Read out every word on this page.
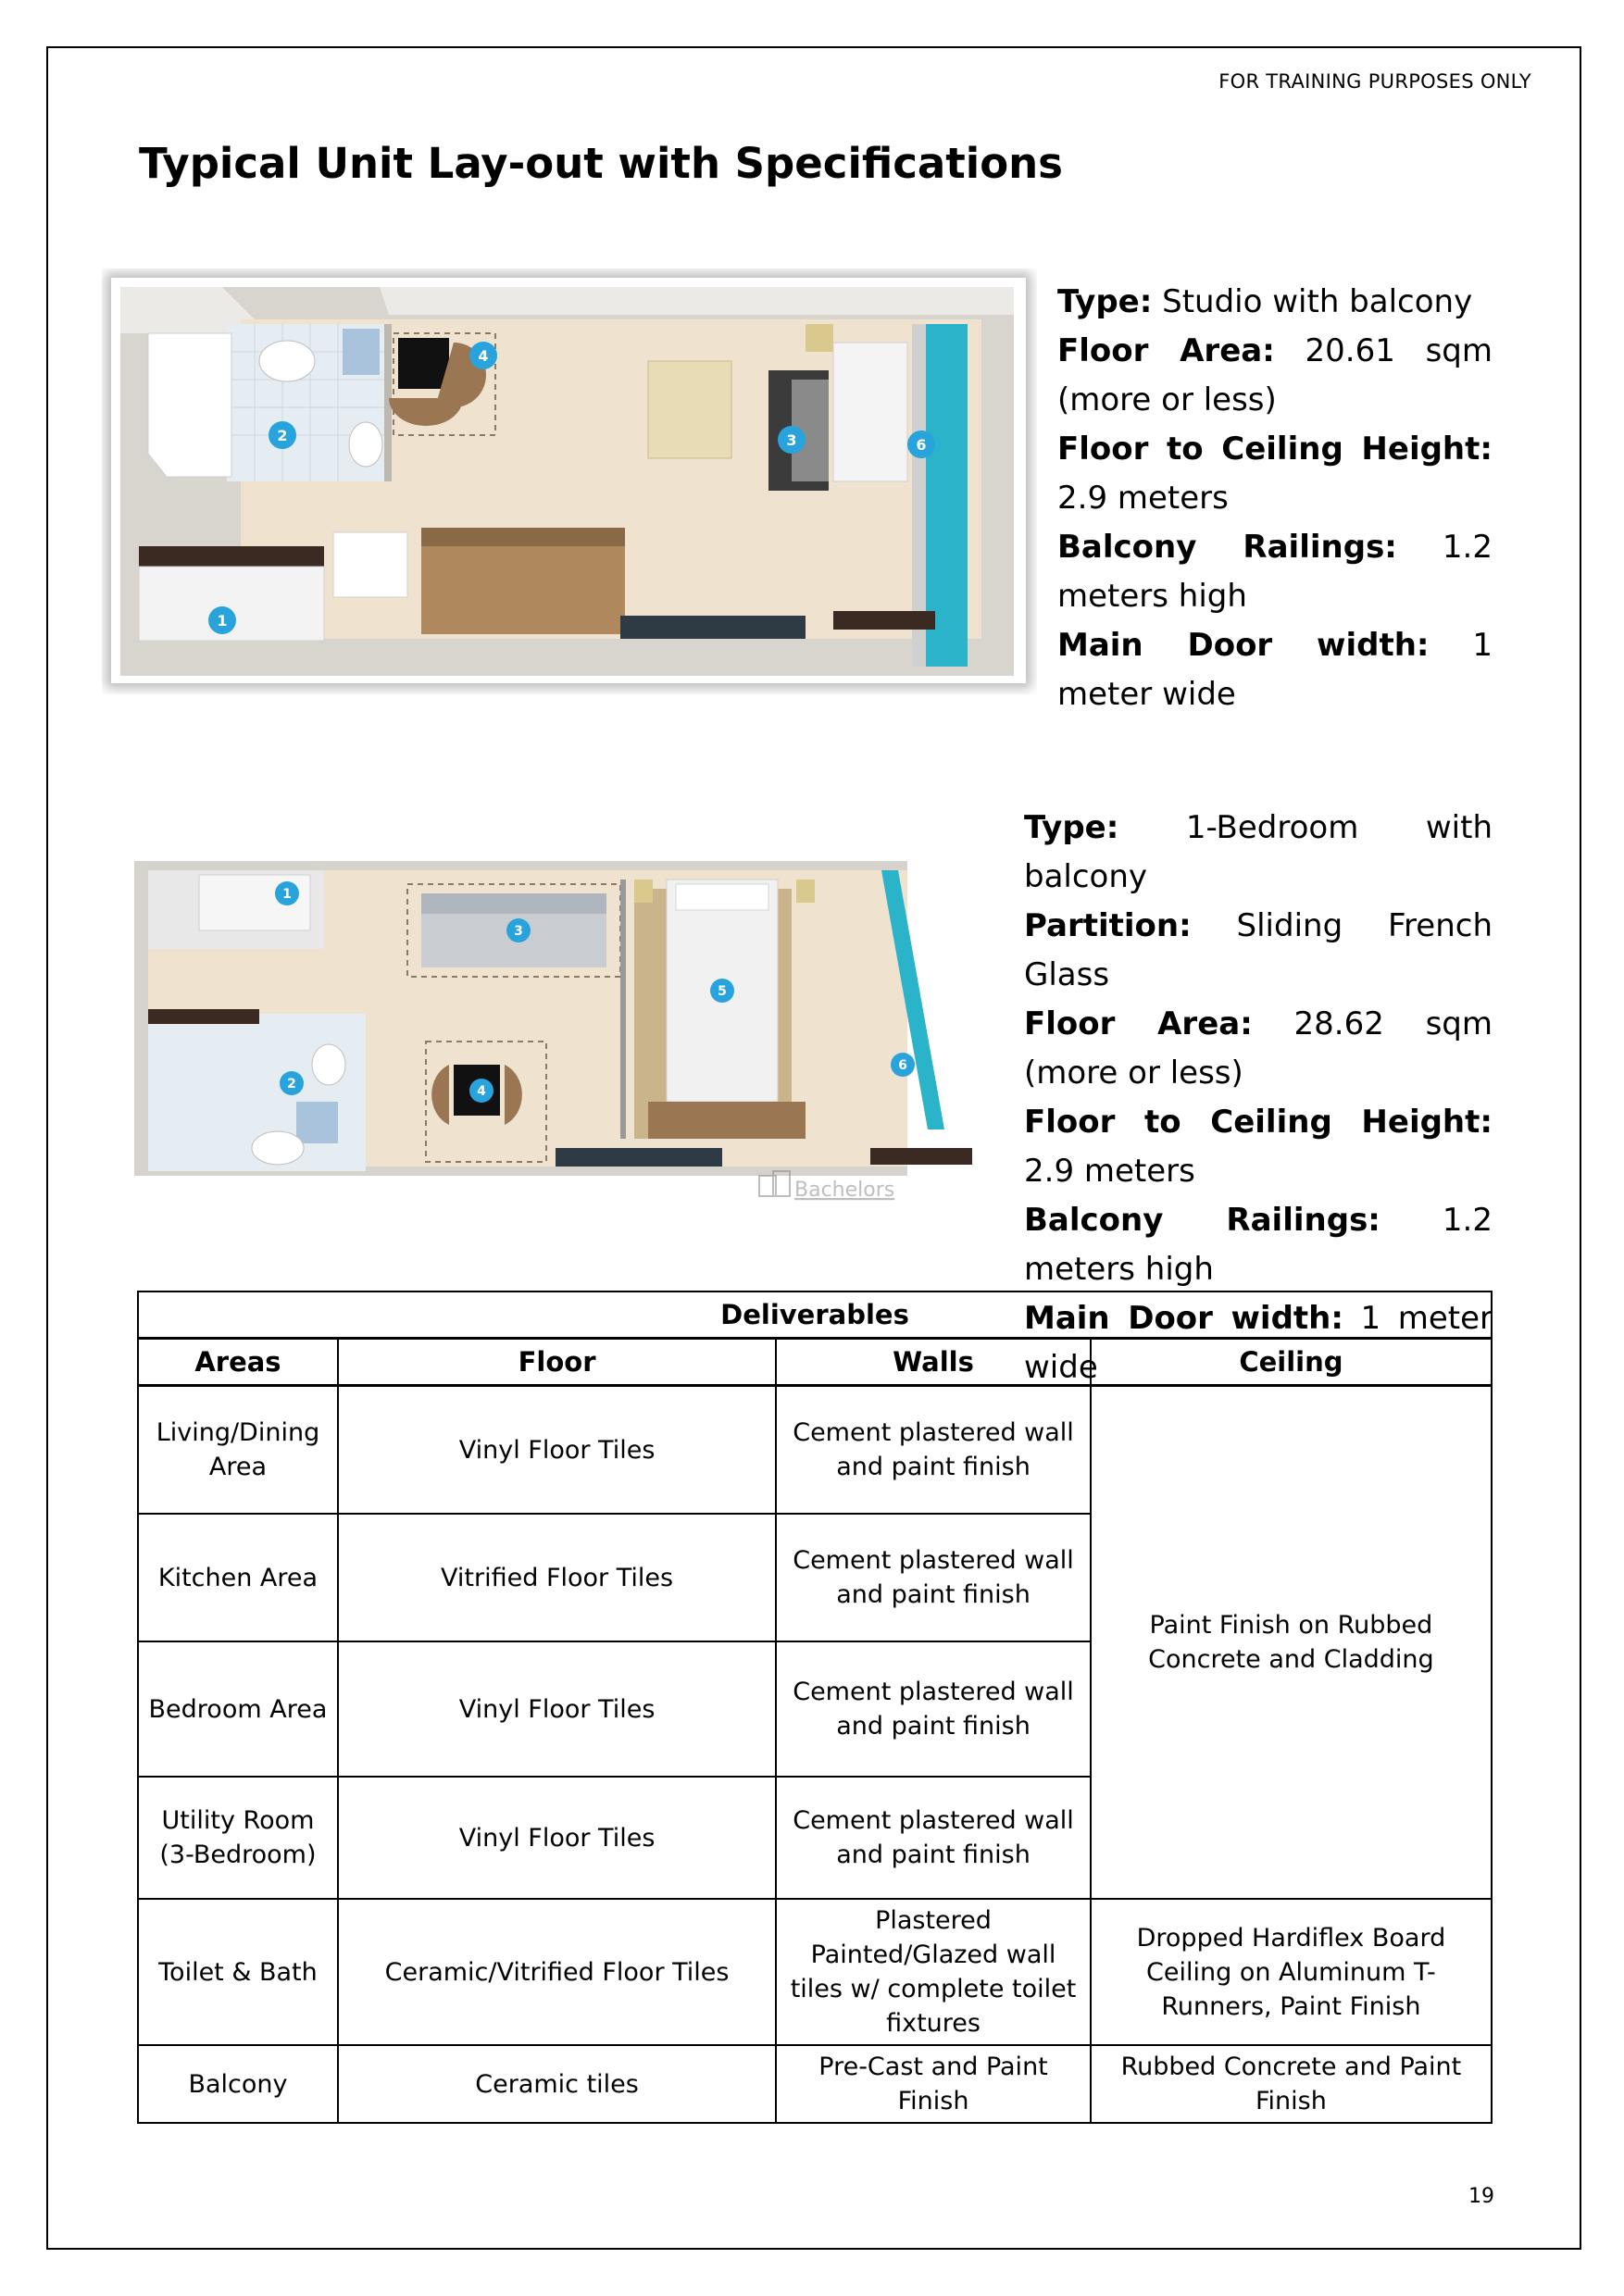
FOR TRAINING PURPOSES ONLY
Typical Unit Lay-out with Specifications
1
2	3
4
6
Type: Studio with balcony
Floor Area: 20.61 sqm (more or less)
Floor to Ceiling Height: 2.9 meters
Balcony Railings: 1.2 meters high
Main Door width: 1 meter wide
1
2
3
4
5
6
Bachelors
Type: 1-Bedroom with balcony
Partition: Sliding French Glass
Floor Area: 28.62 sqm (more or less)
Floor to Ceiling Height: 2.9 meters
Balcony Railings: 1.2 meters high
Main Door width: 1 meter wide
Deliverables			
Areas	Floor	Walls	Ceiling
Living/Dining Area	Vinyl Floor Tiles	Cement plastered wall and paint finish	Paint Finish on Rubbed Concrete and Cladding
Kitchen Area	Vitrified Floor Tiles	Cement plastered wall and paint finish	
Bedroom Area	Vinyl Floor Tiles	Cement plastered wall and paint finish	
Utility Room (3-Bedroom)	Vinyl Floor Tiles	Cement plastered wall and paint finish	
Toilet & Bath	Ceramic/Vitrified Floor Tiles	Plastered Painted/Glazed wall tiles w/ complete toilet fixtures	Dropped Hardiflex Board Ceiling on Aluminum T-Runners, Paint Finish
Balcony	Ceramic tiles	Pre-Cast and Paint Finish	Rubbed Concrete and Paint Finish
19
